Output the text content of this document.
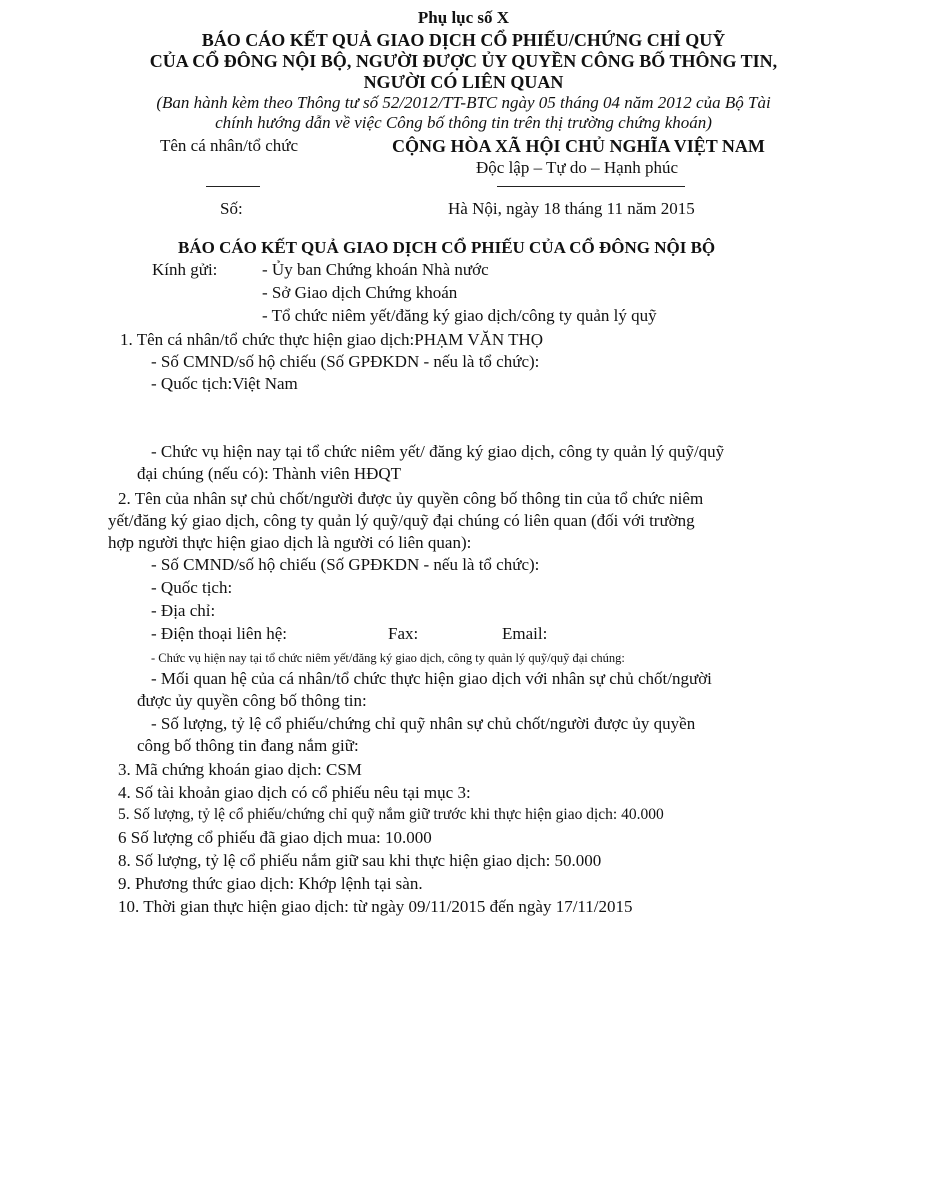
Phụ lục số X
BÁO CÁO KẾT QUẢ GIAO DỊCH CỔ PHIẾU/CHỨNG CHỈ QUỸ
CỦA CỔ ĐÔNG NỘI BỘ, NGƯỜI ĐƯỢC ỦY QUYỀN CÔNG BỐ THÔNG TIN,
NGƯỜI CÓ LIÊN QUAN
(Ban hành kèm theo Thông tư số 52/2012/TT-BTC ngày 05 tháng 04 năm 2012 của Bộ Tài
chính hướng dẫn về việc Công bố thông tin trên thị trường chứng khoán)
Tên cá nhân/tổ chức	CỘNG HÒA XÃ HỘI CHỦ NGHĨA VIỆT NAM
Độc lập – Tự do – Hạnh phúc
Số:	Hà Nội, ngày 18 tháng 11 năm 2015
BÁO CÁO KẾT QUẢ GIAO DỊCH CỔ PHIẾU CỦA CỔ ĐÔNG NỘI BỘ
Kính gửi:	- Ủy ban Chứng khoán Nhà nước
- Sở Giao dịch Chứng khoán
- Tổ chức niêm yết/đăng ký giao dịch/công ty quản lý quỹ
1. Tên cá nhân/tổ chức thực hiện giao dịch:PHẠM VĂN THỌ
- Số CMND/số hộ chiếu (Số GPĐKDN - nếu là tổ chức):
- Quốc tịch:Việt Nam
- Chức vụ hiện nay tại tổ chức niêm yết/ đăng ký giao dịch, công ty quản lý quỹ/quỹ
đại chúng (nếu có): Thành viên HĐQT
2. Tên của nhân sự chủ chốt/người được ủy quyền công bố thông tin của tổ chức niêm
yết/đăng ký giao dịch, công ty quản lý quỹ/quỹ đại chúng có liên quan (đối với trường
hợp người thực hiện giao dịch là người có liên quan):
- Số CMND/số hộ chiếu (Số GPĐKDN - nếu là tổ chức):
- Quốc tịch:
- Địa chỉ:
- Điện thoại liên hệ:	Fax:	Email:
- Chức vụ hiện nay tại tổ chức niêm yết/đăng ký giao dịch, công ty quản lý quỹ/quỹ đại chúng:
- Mối quan hệ của cá nhân/tổ chức thực hiện giao dịch với nhân sự chủ chốt/người
được ủy quyền công bố thông tin:
- Số lượng, tỷ lệ cổ phiếu/chứng chỉ quỹ nhân sự chủ chốt/người được ủy quyền
công bố thông tin đang nắm giữ:
3. Mã chứng khoán giao dịch: CSM
4. Số tài khoản giao dịch có cổ phiếu nêu tại mục 3:
5. Số lượng, tỷ lệ cổ phiếu/chứng chỉ quỹ nắm giữ trước khi thực hiện giao dịch: 40.000
6 Số lượng cổ phiếu đã giao dịch mua: 10.000
8. Số lượng, tỷ lệ cổ phiếu nắm giữ sau khi thực hiện giao dịch: 50.000
9. Phương thức giao dịch: Khớp lệnh tại sàn.
10. Thời gian thực hiện giao dịch: từ ngày 09/11/2015 đến ngày 17/11/2015
